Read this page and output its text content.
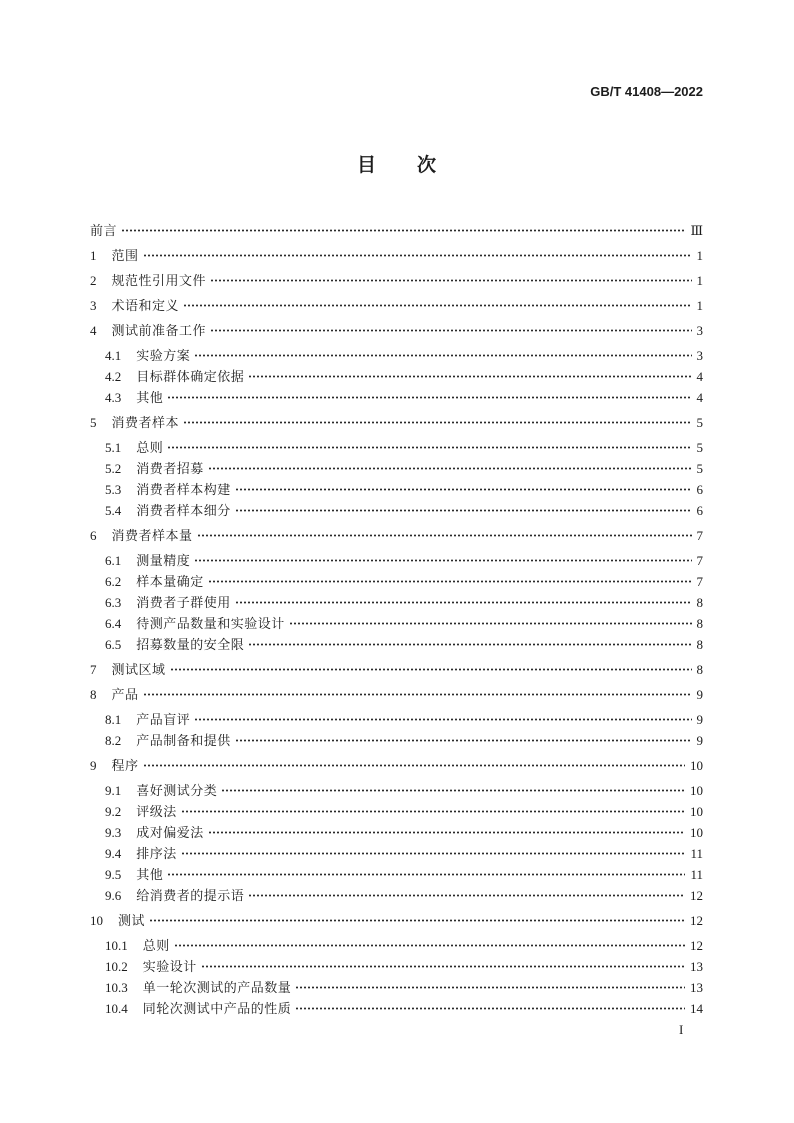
GB/T 41408—2022
目　　次
前言	Ⅲ
1 范围	1
2 规范性引用文件	1
3 术语和定义	1
4 测试前准备工作	3
4.1 实验方案	3
4.2 目标群体确定依据	4
4.3 其他	4
5 消费者样本	5
5.1 总则	5
5.2 消费者招募	5
5.3 消费者样本构建	6
5.4 消费者样本细分	6
6 消费者样本量	7
6.1 测量精度	7
6.2 样本量确定	7
6.3 消费者子群使用	8
6.4 待测产品数量和实验设计	8
6.5 招募数量的安全限	8
7 测试区域	8
8 产品	9
8.1 产品盲评	9
8.2 产品制备和提供	9
9 程序	10
9.1 喜好测试分类	10
9.2 评级法	10
9.3 成对偏爱法	10
9.4 排序法	11
9.5 其他	11
9.6 给消费者的提示语	12
10 测试	12
10.1 总则	12
10.2 实验设计	13
10.3 单一轮次测试的产品数量	13
10.4 同轮次测试中产品的性质	14
I
